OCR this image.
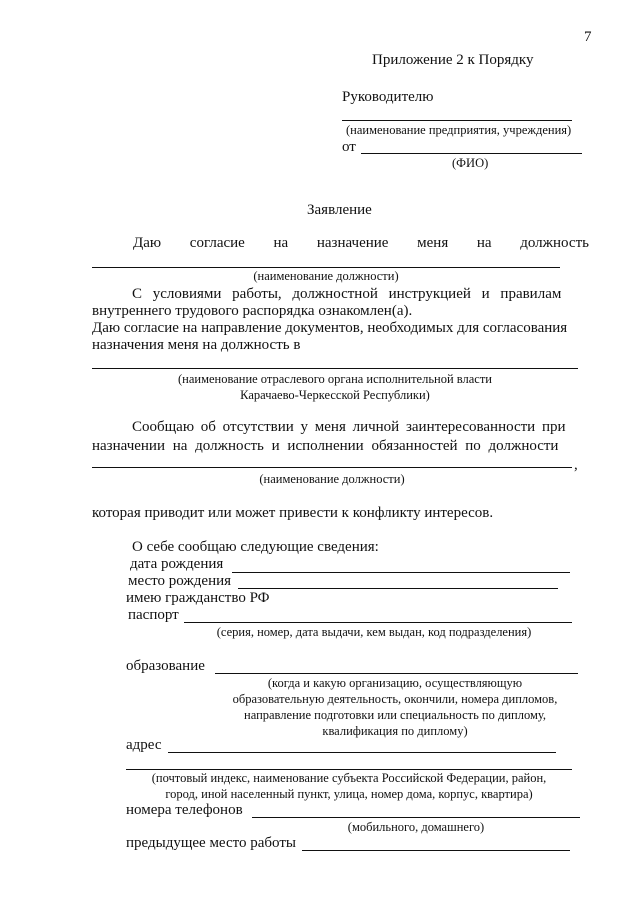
7
Приложение 2 к Порядку
Руководителю
(наименование предприятия, учреждения)
от
(ФИО)
Заявление
Даю согласие на назначение меня на должность
(наименование должности)
С условиями работы, должностной инструкцией и правилам
внутреннего трудового распорядка ознакомлен(а).
Даю согласие на направление документов, необходимых для согласования
назначения меня на должность в
(наименование отраслевого органа исполнительной власти
Карачаево-Черкесской Республики)
Сообщаю об отсутствии у меня личной заинтересованности при
назначении на должность и исполнении обязанностей по должности
,
(наименование должности)
которая приводит или может привести к конфликту интересов.
О себе сообщаю следующие сведения:
дата рождения
место рождения
имею гражданство РФ
паспорт
(серия, номер, дата выдачи, кем выдан, код подразделения)
образование
(когда и какую организацию, осуществляющую
образовательную деятельность, окончили, номера дипломов,
направление подготовки или специальность по диплому,
квалификация по диплому)
адрес
(почтовый индекс, наименование субъекта Российской Федерации, район,
город, иной населенный пункт, улица, номер дома, корпус, квартира)
номера телефонов
(мобильного, домашнего)
предыдущее место работы
